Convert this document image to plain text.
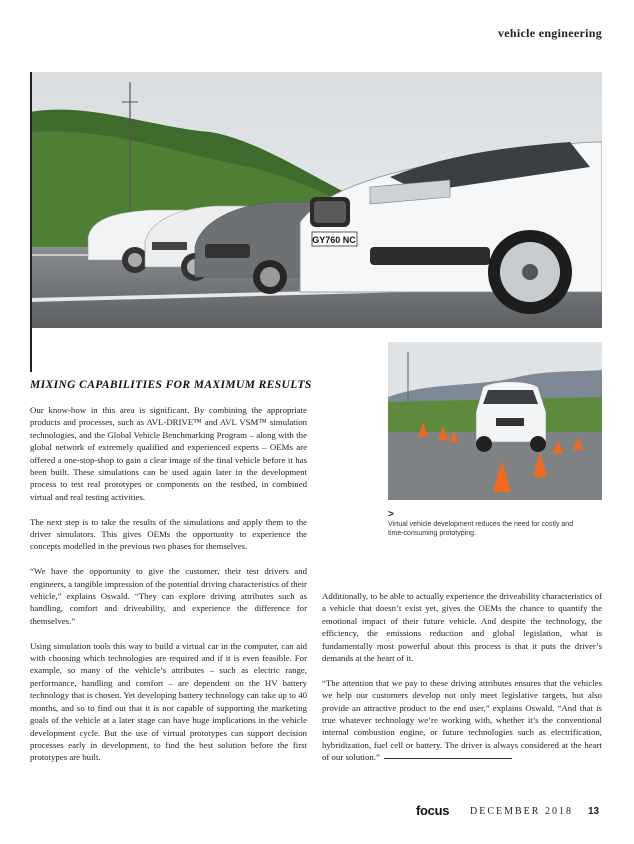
vehicle engineering
GY760 NC
>
Virtual vehicle development reduces the need for costly and time-consuming prototyping.
MIXING CAPABILITIES FOR MAXIMUM RESULTS

Our know-how in this area is significant. By combining the appropriate products and processes, such as AVL-DRIVE™ and AVL VSM™ simulation technologies, and the Global Vehicle Benchmarking Program – along with the global network of extremely qualified and experienced experts – OEMs are offered a one-stop-shop to gain a clear image of the final vehicle before it has been built. These simulations can be used again later in the development process to test real prototypes or components on the testbed, in combined virtual and real testing activities.

The next step is to take the results of the simulations and apply them to the driver simulators. This gives OEMs the opportunity to experience the concepts modelled in the previous two phases for themselves.

“We have the opportunity to give the customer, their test drivers and engineers, a tangible impression of the potential driving characteristics of their vehicle,” explains Oswald. “They can explore driving attributes such as handling, comfort and driveability, and experience the difference for themselves.”

Using simulation tools this way to build a virtual car in the computer, can aid with choosing which technologies are required and if it is even feasible. For example, so many of the vehicle’s attributes – such as electric range, performance, handling and comfort – are dependent on the HV battery technology that is chosen. Yet developing battery technology can take up to 40 months, and so to find out that it is not capable of supporting the marketing goals of the vehicle at a later stage can have huge implications in the vehicle development cycle. But the use of virtual prototypes can support decision processes early in development, to find the best solution before the first prototypes are built.

Additionally, to be able to actually experience the driveability characteristics of a vehicle that doesn’t exist yet, gives the OEMs the chance to quantify the emotional impact of their future vehicle. And despite the technology, the efficiency, the emissions reduction and global legislation, what is fundamentally most powerful about this process is that it puts the driver’s demands at the heart of it.

“The attention that we pay to these driving attributes ensures that the vehicles we help our customers develop not only meet legislative targets, but also provide an attractive product to the end user,” explains Oswald. “And that is true whatever technology we’re working with, whether it’s the conventional internal combustion engine, or future technologies such as electrification, hybridization, fuel cell or battery. The driver is always considered at the heart of our solution.”

focus DECEMBER 2018 13
